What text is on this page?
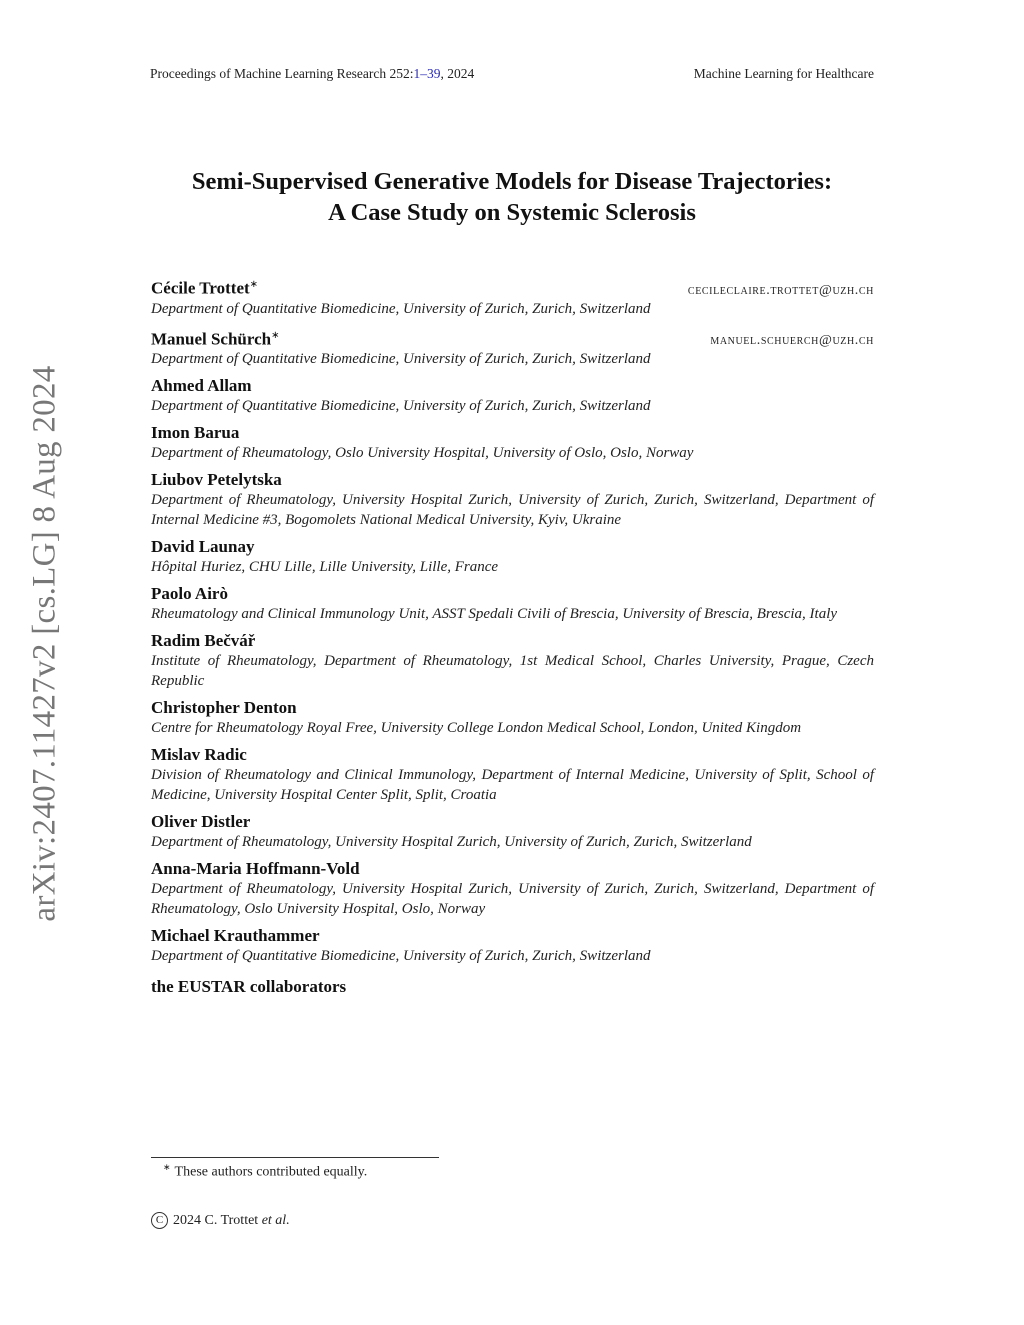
Proceedings of Machine Learning Research 252:1–39, 2024	Machine Learning for Healthcare
arXiv:2407.11427v2 [cs.LG] 8 Aug 2024
Semi-Supervised Generative Models for Disease Trajectories:
A Case Study on Systemic Sclerosis
Cécile Trottet∗	cecileclaire.trottet@uzh.ch
Department of Quantitative Biomedicine, University of Zurich, Zurich, Switzerland
Manuel Schürch∗	manuel.schuerch@uzh.ch
Department of Quantitative Biomedicine, University of Zurich, Zurich, Switzerland
Ahmed Allam
Department of Quantitative Biomedicine, University of Zurich, Zurich, Switzerland
Imon Barua
Department of Rheumatology, Oslo University Hospital, University of Oslo, Oslo, Norway
Liubov Petelytska
Department of Rheumatology, University Hospital Zurich, University of Zurich, Zurich, Switzerland, Department of Internal Medicine #3, Bogomolets National Medical University, Kyiv, Ukraine
David Launay
Hôpital Huriez, CHU Lille, Lille University, Lille, France
Paolo Airò
Rheumatology and Clinical Immunology Unit, ASST Spedali Civili of Brescia, University of Brescia, Brescia, Italy
Radim Bečvář
Institute of Rheumatology, Department of Rheumatology, 1st Medical School, Charles University, Prague, Czech Republic
Christopher Denton
Centre for Rheumatology Royal Free, University College London Medical School, London, United Kingdom
Mislav Radic
Division of Rheumatology and Clinical Immunology, Department of Internal Medicine, University of Split, School of Medicine, University Hospital Center Split, Split, Croatia
Oliver Distler
Department of Rheumatology, University Hospital Zurich, University of Zurich, Zurich, Switzerland
Anna-Maria Hoffmann-Vold
Department of Rheumatology, University Hospital Zurich, University of Zurich, Zurich, Switzerland, Department of Rheumatology, Oslo University Hospital, Oslo, Norway
Michael Krauthammer
Department of Quantitative Biomedicine, University of Zurich, Zurich, Switzerland
the EUSTAR collaborators
∗ These authors contributed equally.
C 2024 C. Trottet et al.
